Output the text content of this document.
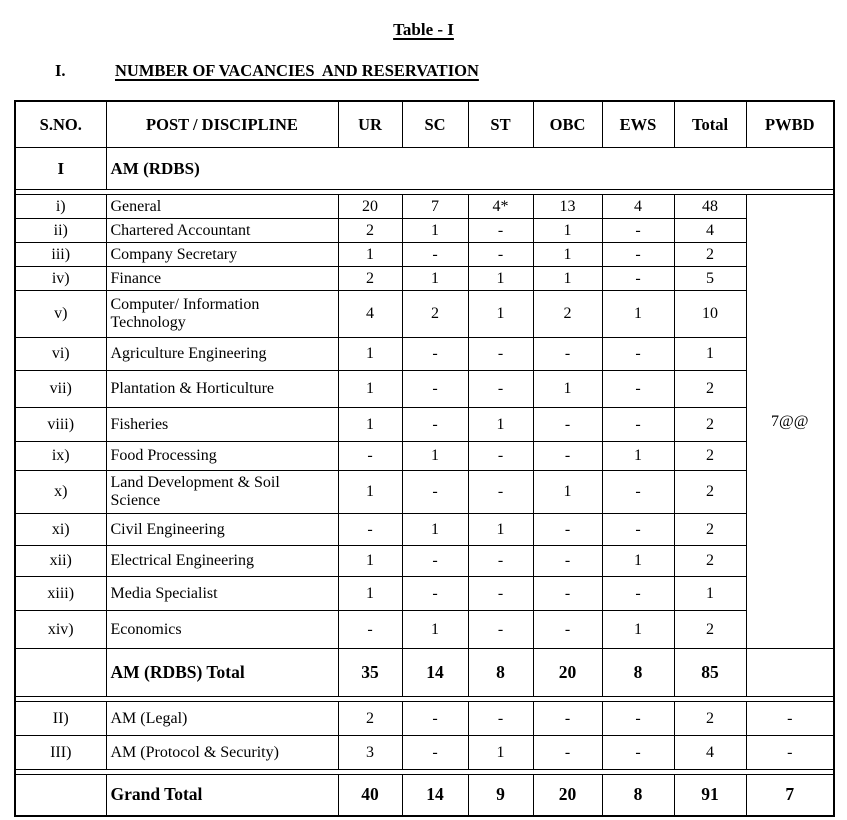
Table - I
I.	NUMBER OF VACANCIES  AND RESERVATION
S.NO.	POST / DISCIPLINE	UR	SC	ST	OBC	EWS	Total	PWBD
I	AM (RDBS)							

i)	General	20	7	4*	13	4	48	7@@
ii)	Chartered Accountant	2	1	-	1	-	4	
iii)	Company Secretary	1	-	-	1	-	2	
iv)	Finance	2	1	1	1	-	5	
v)	Computer/ Information Technology	4	2	1	2	1	10	
vi)	Agriculture Engineering	1	-	-	-	-	1	
vii)	Plantation & Horticulture	1	-	-	1	-	2	
viii)	Fisheries	1	-	1	-	-	2	
ix)	Food Processing	-	1	-	-	1	2	
x)	Land Development & Soil Science	1	-	-	1	-	2	
xi)	Civil Engineering	-	1	1	-	-	2	
xii)	Electrical Engineering	1	-	-	-	1	2	
xiii)	Media Specialist	1	-	-	-	-	1	
xiv)	Economics	-	1	-	-	1	2	
	AM (RDBS) Total	35	14	8	20	8	85	

II)	AM (Legal)	2	-	-	-	-	2	-
III)	AM (Protocol & Security)	3	-	1	-	-	4	-

	Grand Total	40	14	9	20	8	91	7
